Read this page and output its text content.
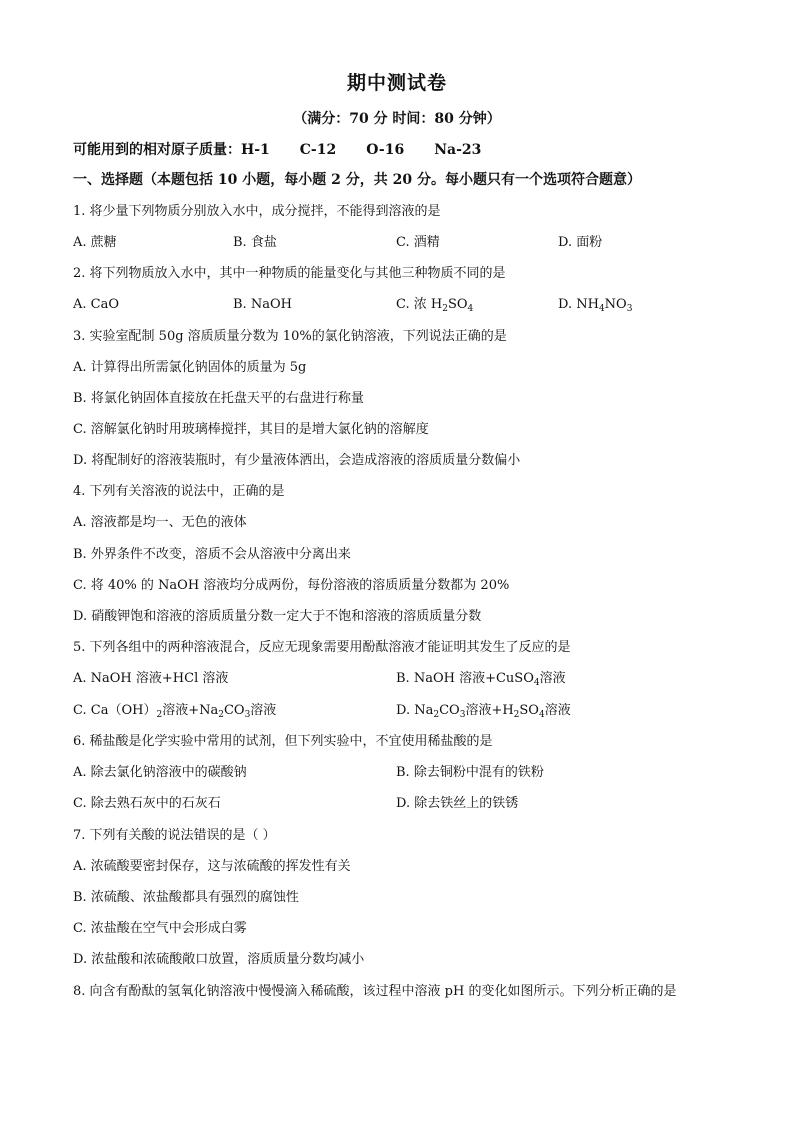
期中测试卷
（满分：70 分 时间：80 分钟）
可能用到的相对原子质量：H-1 C-12 O-16 Na-23
一、选择题（本题包括 10 小题，每小题 2 分，共 20 分。每小题只有一个选项符合题意）
1. 将少量下列物质分别放入水中，成分搅拌，不能得到溶液的是
A. 蔗糖	B. 食盐	C. 酒精	D. 面粉
2. 将下列物质放入水中，其中一种物质的能量变化与其他三种物质不同的是
A. CaO	B. NaOH	C. 浓 $H_2SO_4$	D. $NH_4NO_3$
3. 实验室配制 50g 溶质质量分数为 10%的氯化钠溶液，下列说法正确的是
A. 计算得出所需氯化钠固体的质量为 5g
B. 将氯化钠固体直接放在托盘天平的右盘进行称量
C. 溶解氯化钠时用玻璃棒搅拌，其目的是增大氯化钠的溶解度
D. 将配制好的溶液装瓶时，有少量液体洒出，会造成溶液的溶质质量分数偏小
4. 下列有关溶液的说法中，正确的是
A. 溶液都是均一、无色的液体
B. 外界条件不改变，溶质不会从溶液中分离出来
C. 将 40% 的 NaOH 溶液均分成两份，每份溶液的溶质质量分数都为 20%
D. 硝酸钾饱和溶液的溶质质量分数一定大于不饱和溶液的溶质质量分数
5. 下列各组中的两种溶液混合，反应无现象需要用酚酞溶液才能证明其发生了反应的是
A. NaOH 溶液+HCl 溶液	B. NaOH 溶液+CuSO$_4$溶液
C. $Ca(OH)_2$溶液$+Na_2CO_3$溶液	D. $Na_2CO_3$溶液$+H_2SO_4$溶液
6. 稀盐酸是化学实验中常用的试剂，但下列实验中，不宜使用稀盐酸的是
A. 除去氯化钠溶液中的碳酸钠	B. 除去铜粉中混有的铁粉
C. 除去熟石灰中的石灰石	D. 除去铁丝上的铁锈
7. 下列有关酸的说法错误的是（ ）
A. 浓硫酸要密封保存，这与浓硫酸的挥发性有关
B. 浓硫酸、浓盐酸都具有强烈的腐蚀性
C. 浓盐酸在空气中会形成白雾
D. 浓盐酸和浓硫酸敞口放置，溶质质量分数均减小
8. 向含有酚酞的氢氧化钠溶液中慢慢滴入稀硫酸，该过程中溶液 pH 的变化如图所示。下列分析正确的是
